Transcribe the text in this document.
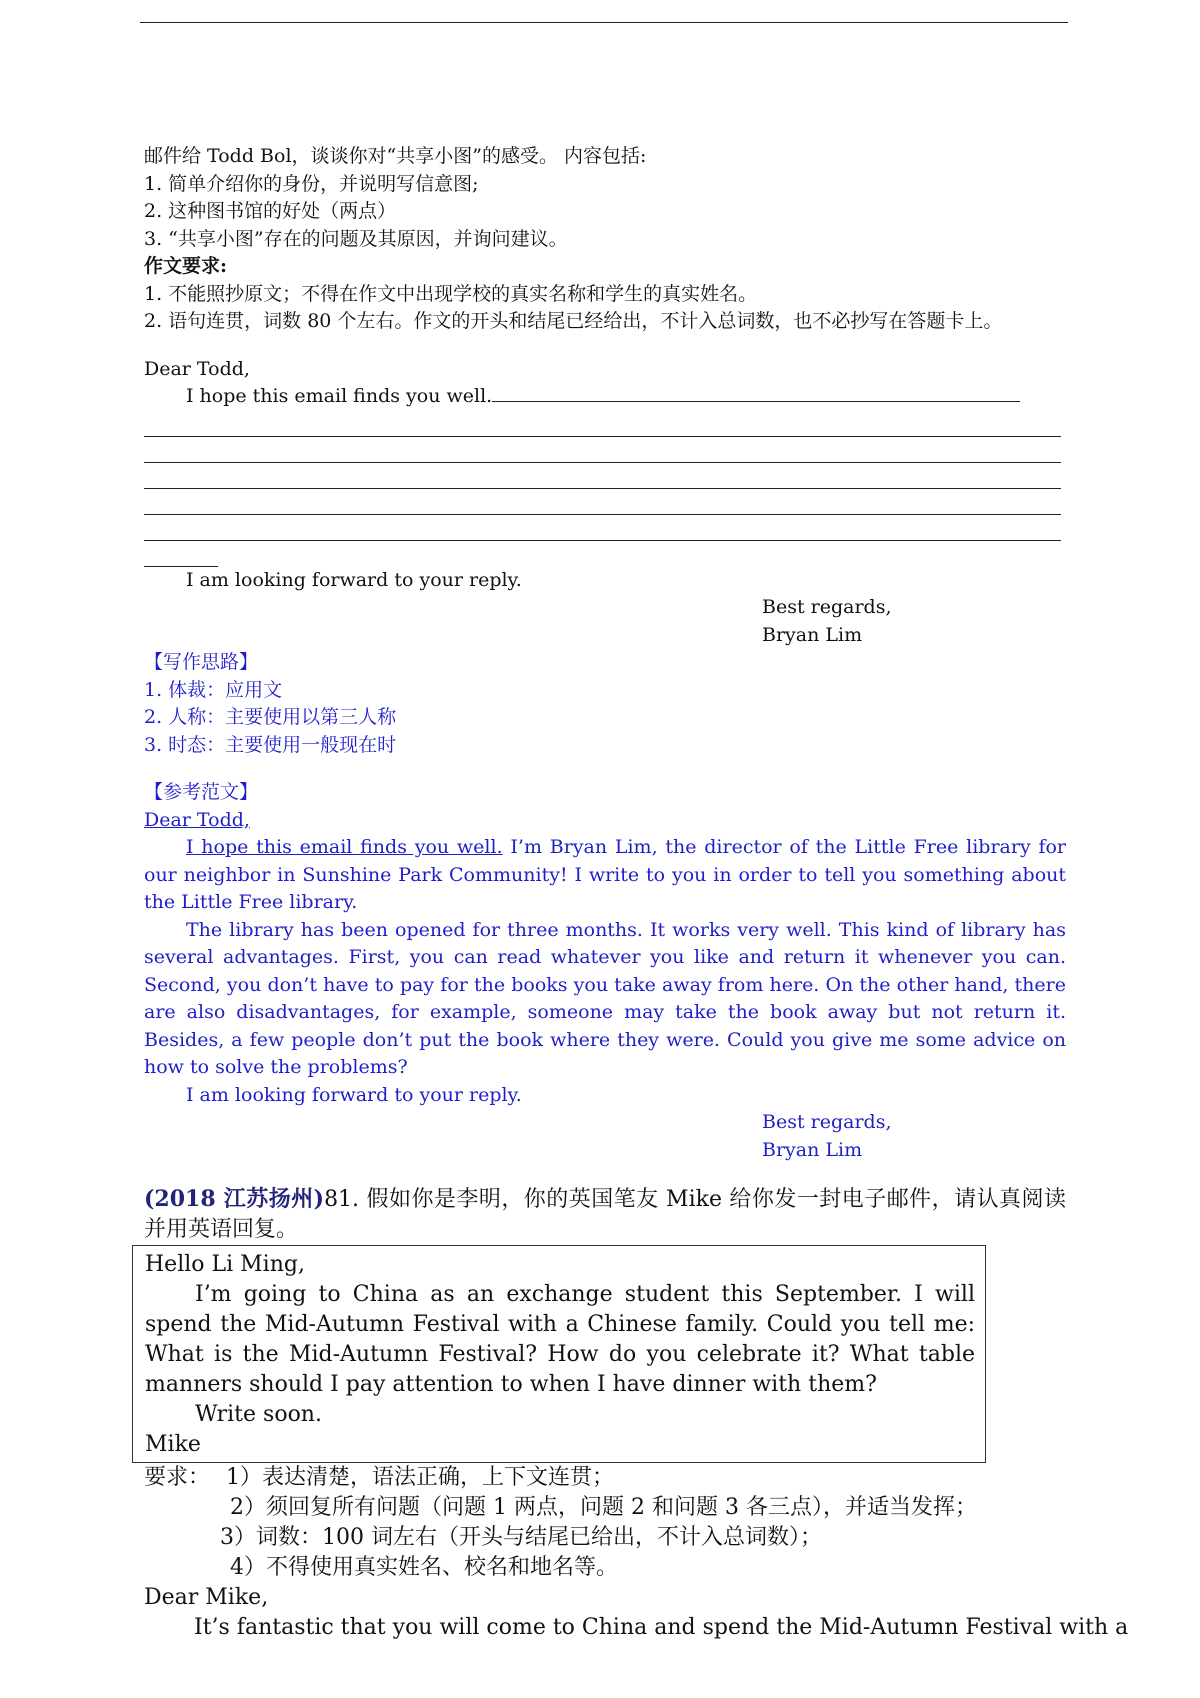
邮件给 Todd Bol，谈谈你对“共享小图”的感受。 内容包括:

1. 简单介绍你的身份，并说明写信意图;

2. 这种图书馆的好处（两点）

3. “共享小图”存在的问题及其原因，并询问建议。

作文要求:

1. 不能照抄原文；不得在作文中出现学校的真实名称和学生的真实姓名。

2. 语句连贯，词数 80 个左右。作文的开头和结尾已经给出，不计入总词数，也不必抄写在答题卡上。

Dear Todd,

I hope this email finds you well.

I am looking forward to your reply.

Best regards,

Bryan Lim

【写作思路】

1. 体裁：应用文

2. 人称：主要使用以第三人称

3. 时态：主要使用一般现在时

【参考范文】

Dear Todd,

I hope this email finds you well. I’m Bryan Lim, the director of the Little Free library for our neighbor in Sunshine Park Community! I write to you in order to tell you something about the Little Free library.

The library has been opened for three months. It works very well. This kind of library has several advantages. First, you can read whatever you like and return it whenever you can. Second, you don’t have to pay for the books you take away from here. On the other hand, there are also disadvantages, for example, someone may take the book away but not return it. Besides, a few people don’t put the book where they were. Could you give me some advice on how to solve the problems?

I am looking forward to your reply.

Best regards,

Bryan Lim

(2018 江苏扬州)81. 假如你是李明，你的英国笔友 Mike 给你发一封电子邮件，请认真阅读并用英语回复。

Hello Li Ming,

I’m going to China as an exchange student this September. I will spend the Mid-Autumn Festival with a Chinese family. Could you tell me: What is the Mid-Autumn Festival? How do you celebrate it? What table manners should I pay attention to when I have dinner with them?

Write soon.

Mike

要求： 1）表达清楚，语法正确，上下文连贯；

2）须回复所有问题（问题 1 两点，问题 2 和问题 3 各三点），并适当发挥；

3）词数：100 词左右（开头与结尾已给出，不计入总词数）；

4）不得使用真实姓名、校名和地名等。

Dear Mike,

It’s fantastic that you will come to China and spend the Mid-Autumn Festival with a
